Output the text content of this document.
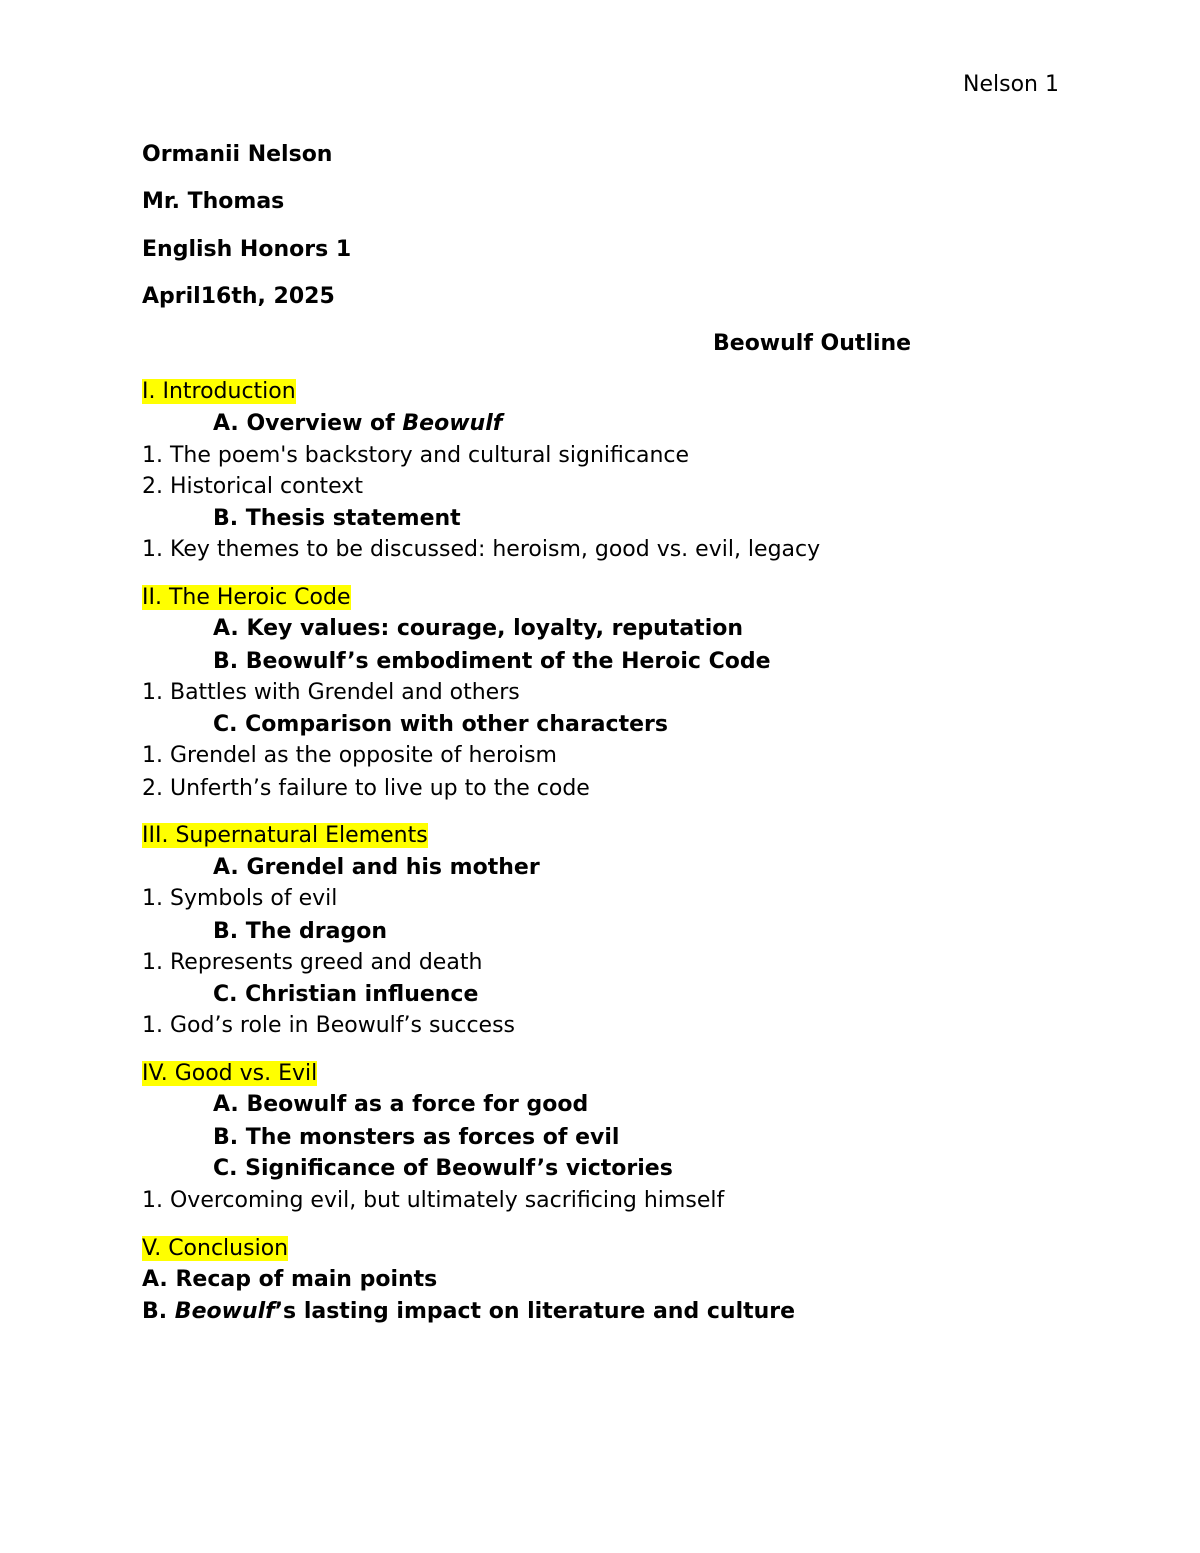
Nelson 1
Ormanii Nelson
Mr. Thomas
English Honors 1
April16th, 2025
Beowulf Outline
I. Introduction
A. Overview of Beowulf
1. The poem's backstory and cultural significance
2. Historical context
B. Thesis statement
1. Key themes to be discussed: heroism, good vs. evil, legacy
II. The Heroic Code
A. Key values: courage, loyalty, reputation
B. Beowulf’s embodiment of the Heroic Code
1. Battles with Grendel and others
C. Comparison with other characters
1. Grendel as the opposite of heroism
2. Unferth’s failure to live up to the code
III. Supernatural Elements
A. Grendel and his mother
1. Symbols of evil
B. The dragon
1. Represents greed and death
C. Christian influence
1. God’s role in Beowulf’s success
IV. Good vs. Evil
A. Beowulf as a force for good
B. The monsters as forces of evil
C. Significance of Beowulf’s victories
1. Overcoming evil, but ultimately sacrificing himself
V. Conclusion
A. Recap of main points
B. Beowulf’s lasting impact on literature and culture
